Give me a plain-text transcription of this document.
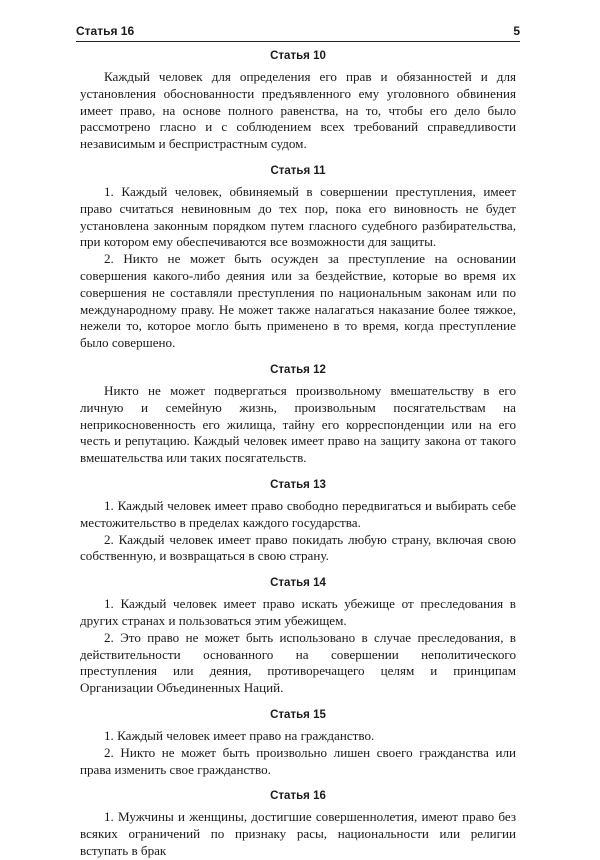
Статья 16	5
Статья 10

Каждый человек для определения его прав и обязанностей и для установления обоснованности предъявленного ему уголовного обвинения имеет право, на основе полного равенства, на то, чтобы его дело было рассмотрено гласно и с соблюдением всех требований справедливости независимым и беспристрастным судом.

Статья 11

1. Каждый человек, обвиняемый в совершении преступления, имеет право считаться невиновным до тех пор, пока его виновность не будет установлена законным порядком путем гласного судебного разбирательства, при котором ему обеспечиваются все возможности для защиты.

2. Никто не может быть осужден за преступление на основании совершения какого-либо деяния или за бездействие, которые во время их совершения не составляли преступления по национальным законам или по международному праву. Не может также налагаться наказание более тяжкое, нежели то, которое могло быть применено в то время, когда преступление было совершено.

Статья 12

Никто не может подвергаться произвольному вмешательству в его личную и семейную жизнь, произвольным посягательствам на неприкосновенность его жилища, тайну его корреспонденции или на его честь и репутацию. Каждый человек имеет право на защиту закона от такого вмешательства или таких посягательств.

Статья 13

1. Каждый человек имеет право свободно передвигаться и выбирать себе местожительство в пределах каждого государства.

2. Каждый человек имеет право покидать любую страну, включая свою собственную, и возвращаться в свою страну.

Статья 14

1. Каждый человек имеет право искать убежище от преследования в других странах и пользоваться этим убежищем.

2. Это право не может быть использовано в случае преследования, в действительности основанного на совершении неполитического преступления или деяния, противоречащего целям и принципам Организации Объединенных Наций.

Статья 15

1. Каждый человек имеет право на гражданство.

2. Никто не может быть произвольно лишен своего гражданства или права изменить свое гражданство.

Статья 16

1. Мужчины и женщины, достигшие совершеннолетия, имеют право без всяких ограничений по признаку расы, национальности или религии вступать в брак
